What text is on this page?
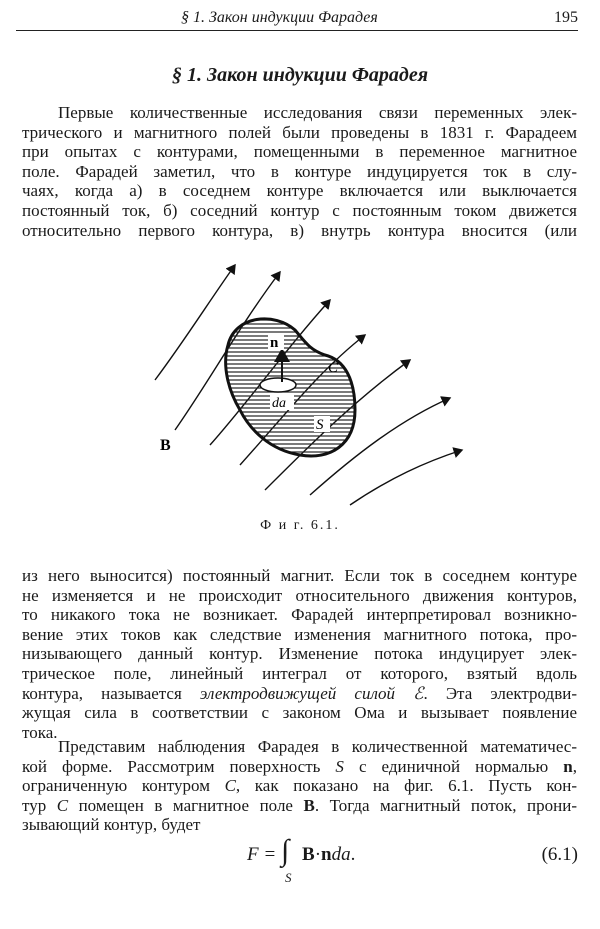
§ 1. Закон индукции Фарадея	195
§ 1. Закон индукции Фарадея

Первые количественные исследования связи переменных элек-
трического и магнитного полей были проведены в 1831 г. Фарадеем
при опытах с контурами, помещенными в переменное магнитное
поле. Фарадей заметил, что в контуре индуцируется ток в слу-
чаях, когда а) в соседнем контуре включается или выключается
постоянный ток, б) соседний контур с постоянным током движется
относительно первого контура, в) внутрь контура вносится (или

n
da
S
C
B
Ф и г. 6.1.

из него выносится) постоянный магнит. Если ток в соседнем контуре
не изменяется и не происходит относительного движения контуров,
то никакого тока не возникает. Фарадей интерпретировал возникно-
вение этих токов как следствие изменения магнитного потока, про-
низывающего данный контур. Изменение потока индуцирует элек-
трическое поле, линейный интеграл от которого, взятый вдоль
контура, называется электродвижущей силой ℰ. Эта электродви-
жущая сила в соответствии с законом Ома и вызывает появление
тока.

Представим наблюдения Фарадея в количественной математичес-
кой форме. Рассмотрим поверхность S с единичной нормалью n,
ограниченную контуром C, как показано на фиг. 6.1. Пусть кон-
тур C помещен в магнитное поле B. Тогда магнитный поток, прони-
зывающий контур, будет

F = ∫
S
B·nda.	(6.1)
